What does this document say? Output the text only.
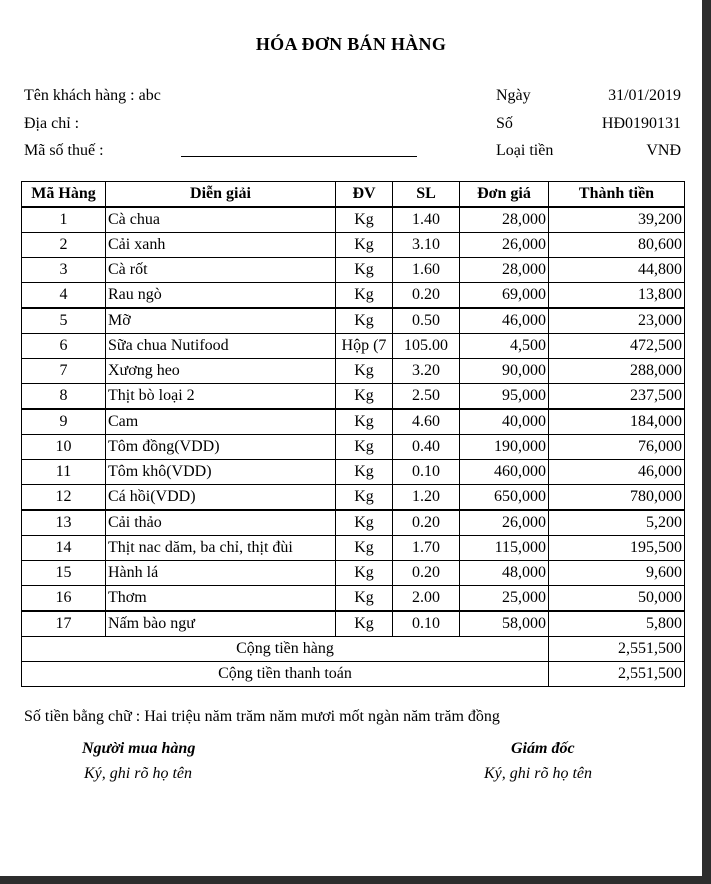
HÓA ĐƠN BÁN HÀNG
Tên khách hàng : abc
Địa chỉ :
Mã số thuế :
Ngày	31/01/2019
Số	HĐ0190131
Loại tiền	VNĐ
Mã Hàng	Diễn giải	ĐV	SL	Đơn giá	Thành tiền
1	Cà chua	Kg	1.40	28,000	39,200
2	Cải xanh	Kg	3.10	26,000	80,600
3	Cà rốt	Kg	1.60	28,000	44,800
4	Rau ngò	Kg	0.20	69,000	13,800
5	Mỡ	Kg	0.50	46,000	23,000
6	Sữa chua Nutifood	Hộp (7	105.00	4,500	472,500
7	Xương heo	Kg	3.20	90,000	288,000
8	Thịt bò loại 2	Kg	2.50	95,000	237,500
9	Cam	Kg	4.60	40,000	184,000
10	Tôm đồng(VDD)	Kg	0.40	190,000	76,000
11	Tôm khô(VDD)	Kg	0.10	460,000	46,000
12	Cá hồi(VDD)	Kg	1.20	650,000	780,000
13	Cải thảo	Kg	0.20	26,000	5,200
14	Thịt nac dăm, ba chỉ, thịt đùi	Kg	1.70	115,000	195,500
15	Hành lá	Kg	0.20	48,000	9,600
16	Thơm	Kg	2.00	25,000	50,000
17	Nấm bào ngư	Kg	0.10	58,000	5,800
Cộng tiền hàng					2,551,500
Cộng tiền thanh toán					2,551,500
Số tiền bằng chữ : Hai triệu năm trăm năm mươi mốt ngàn năm trăm đồng
Người mua hàng
Ký, ghi rõ họ tên
Giám đốc
Ký, ghi rõ họ tên
